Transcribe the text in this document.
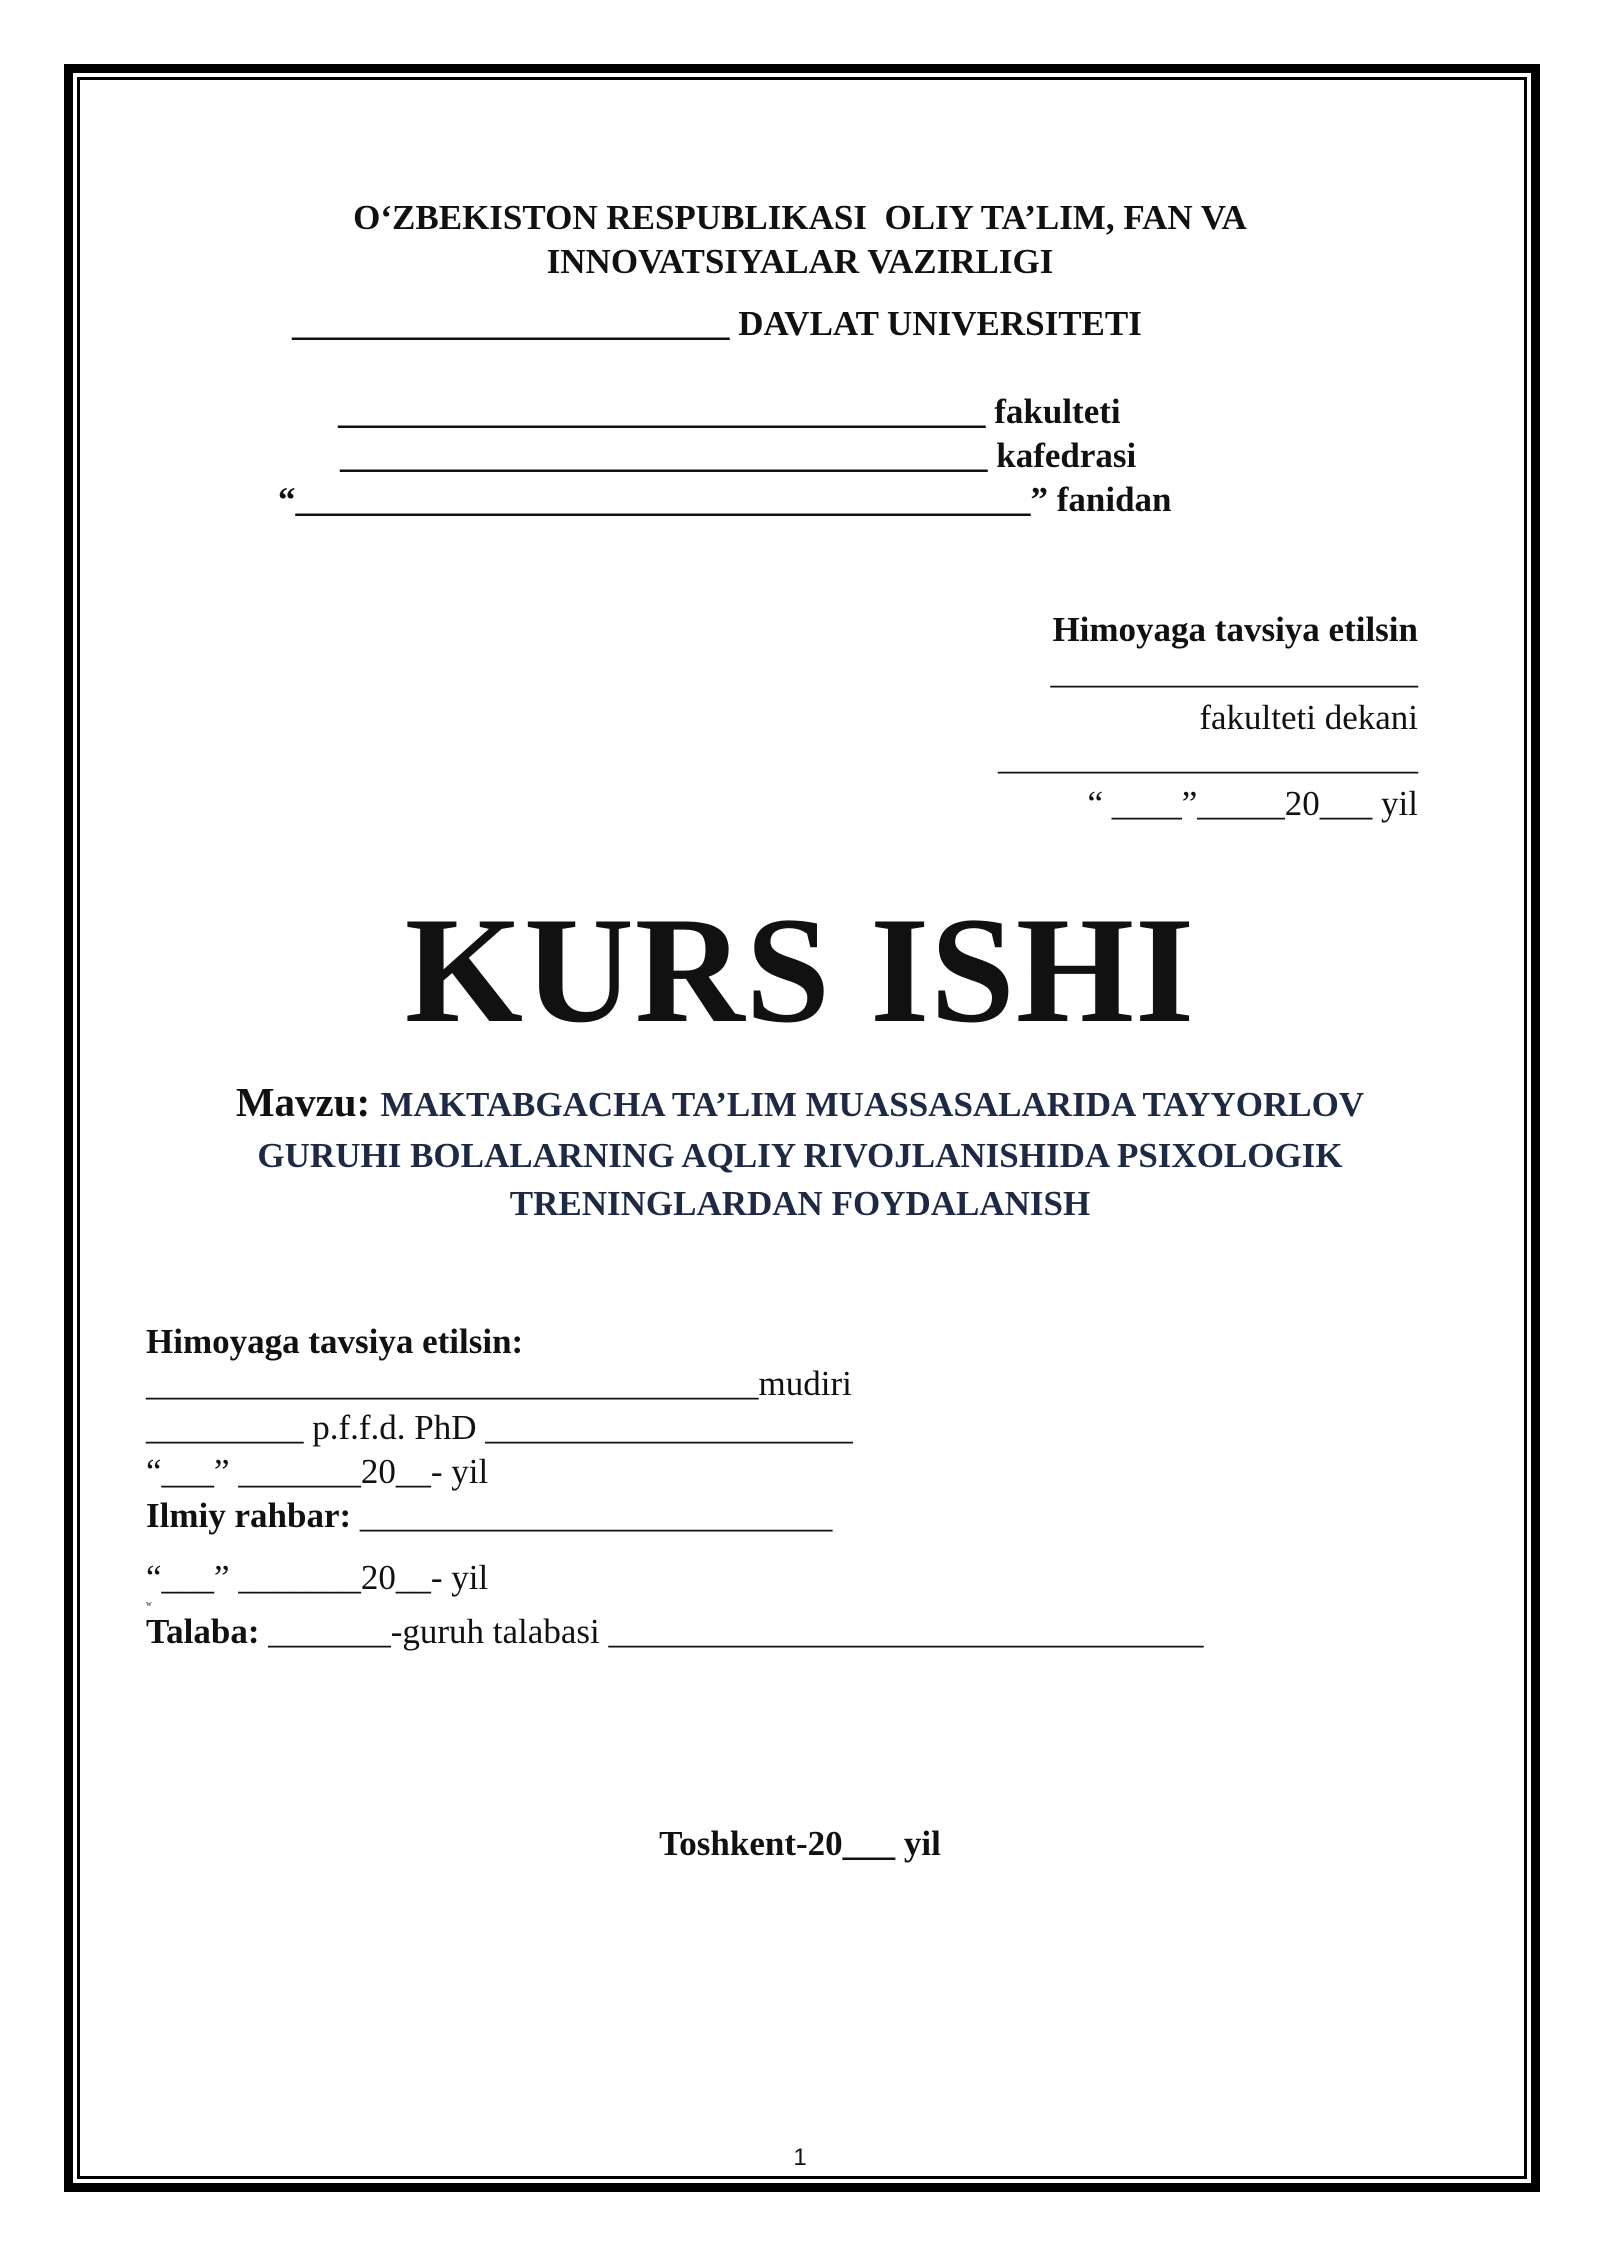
O‘ZBEKISTON RESPUBLIKASI  OLIY TA’LIM, FAN VA
INNOVATSIYALAR VAZIRLIGI
_________________________ DAVLAT UNIVERSITETI
_____________________________________ fakulteti
_____________________________________ kafedrasi
“__________________________________________” fanidan
Himoyaga tavsiya etilsin
_____________________
fakulteti dekani
________________________
“ ____”_____20___ yil
KURS ISHI
Mavzu: MAKTABGACHA TA’LIM MUASSASALARIDA TAYYORLOV
GURUHI BOLALARNING AQLIY RIVOJLANISHIDA PSIXOLOGIK
TRENINGLARDAN FOYDALANISH
Himoyaga tavsiya etilsin:
___________________________________mudiri
_________ p.f.f.d. PhD _____________________
“___” _______20__- yil
Ilmiy rahbar: ___________________________
“___” _______20__- yil
w
Talaba: _______-guruh talabasi __________________________________
Toshkent-20___ yil
1
